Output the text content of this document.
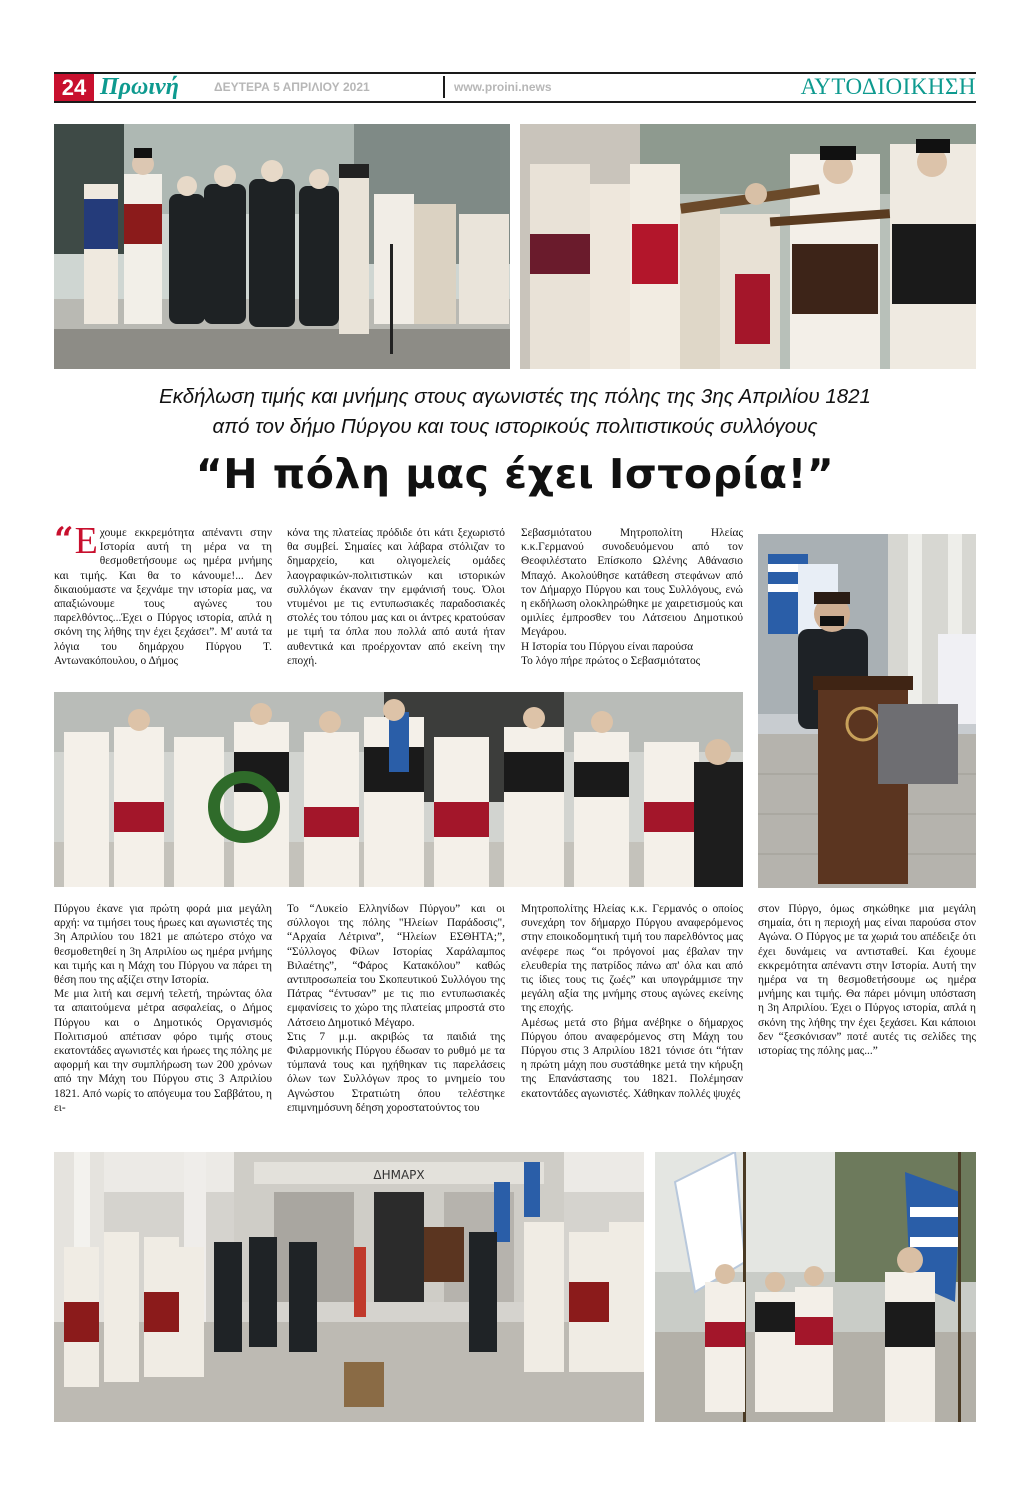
24 Πρωινή	ΔΕΥΤΕΡΑ 5 ΑΠΡΙΛΙΟΥ 2021	www.proini.news	ΑΥΤΟΔΙΟΙΚΗΣΗ
Εκδήλωση τιμής και μνήμης στους αγωνιστές της πόλης της 3ης Απριλίου 1821
από τον δήμο Πύργου και τους ιστορικούς πολιτιστικούς συλλόγους
“Η πόλη μας έχει Ιστορία!”

“ Ε χουμε εκκρεμότητα απέναντι στην Ιστορία αυτή τη μέρα να τη θεσμοθετήσουμε ως ημέρα μνήμης και τιμής. Και θα το κάνουμε!... Δεν δικαιούμαστε να ξεχνάμε την ιστορία μας, να απαξιώνουμε τους αγώνες του παρελθόντος...Έχει ο Πύργος ιστορία, απλά η σκόνη της λήθης την έχει ξεχάσει”. Μ' αυτά τα λόγια του δημάρχου Πύργου Τ. Αντωνακόπουλου, ο Δήμος

κόνα της πλατείας πρόδιδε ότι κάτι ξεχωριστό θα συμβεί. Σημαίες και λάβαρα στόλιζαν το δημαρχείο, και ολιγομελείς ομάδες λαογραφικών-πολιτιστικών και ιστορικών συλλόγων έκαναν την εμφάνισή τους. Όλοι ντυμένοι με τις εντυπωσιακές παραδοσιακές στολές του τόπου μας και οι άντρες κρατούσαν με τιμή τα όπλα που πολλά από αυτά ήταν αυθεντικά και προέρχονταν από εκείνη την εποχή.

Σεβασμιότατου Μητροπολίτη Ηλείας κ.κ.Γερμανού συνοδευόμενου από τον Θεοφιλέστατο Επίσκοπο Ωλένης Αθάνασιο Μπαχό. Ακολούθησε κατάθεση στεφάνων από τον Δήμαρχο Πύργου και τους Συλλόγους, ενώ η εκδήλωση ολοκληρώθηκε με χαιρετισμούς και ομιλίες έμπροσθεν του Λάτσειου Δημοτικού Μεγάρου.

Η Ιστορία του Πύργου είναι παρούσα

Το λόγο πήρε πρώτος ο Σεβασμιότατος

Πύργου έκανε για πρώτη φορά μια μεγάλη αρχή: να τιμήσει τους ήρωες και αγωνιστές της 3η Απριλίου του 1821 με απώτερο στόχο να θεσμοθετηθεί η 3η Απριλίου ως ημέρα μνήμης και τιμής και η Μάχη του Πύργου να πάρει τη θέση που της αξίζει στην Ιστορία.

Με μια λιτή και σεμνή τελετή, τηρώντας όλα τα απαιτούμενα μέτρα ασφαλείας, ο Δήμος Πύργου και ο Δημοτικός Οργανισμός Πολιτισμού απέτισαν φόρο τιμής στους εκατοντάδες αγωνιστές και ήρωες της πόλης με αφορμή και την συμπλήρωση των 200 χρόνων από την Μάχη του Πύργου στις 3 Απριλίου 1821. Από νωρίς το απόγευμα του Σαββάτου, η ει-

Το “Λυκείο Ελληνίδων Πύργου” και οι σύλλογοι της πόλης "Ηλείων Παράδοσις", “Αρχαία Λέτρινα”, “Ηλείων ΕΣΘΗΤΑ;”, “Σύλλογος Φίλων Ιστορίας Χαράλαμπος Βιλαέτης”, “Φάρος Κατακόλου” καθώς αντιπροσωπεία του Σκοπευτικού Συλλόγου της Πάτρας “έντυσαν” με τις πιο εντυπωσιακές εμφανίσεις το χώρο της πλατείας μπροστά στο Λάτσειο Δημοτικό Μέγαρο.

Στις 7 μ.μ. ακριβώς τα παιδιά της Φιλαρμονικής Πύργου έδωσαν το ρυθμό με τα τύμπανά τους και ηχήθηκαν τις παρελάσεις όλων των Συλλόγων προς το μνημείο του Αγνώστου Στρατιώτη όπου τελέστηκε επιμνημόσυνη δέηση χοροστατούντος του

Μητροπολίτης Ηλείας κ.κ. Γερμανός ο οποίος συνεχάρη τον δήμαρχο Πύργου αναφερόμενος στην εποικοδομητική τιμή του παρελθόντος μας ανέφερε πως “οι πρόγονοί μας έβαλαν την ελευθερία της πατρίδος πάνω απ' όλα και από τις ίδιες τους τις ζωές” και υπογράμμισε την μεγάλη αξία της μνήμης στους αγώνες εκείνης της εποχής.

Αμέσως μετά στο βήμα ανέβηκε ο δήμαρχος Πύργου όπου αναφερόμενος στη Μάχη του Πύργου στις 3 Απριλίου 1821 τόνισε ότι “ήταν η πρώτη μάχη που συστάθηκε μετά την κήρυξη της Επανάστασης του 1821. Πολέμησαν εκατοντάδες αγωνιστές. Χάθηκαν πολλές ψυχές

στον Πύργο, όμως σηκώθηκε μια μεγάλη σημαία, ότι η περιοχή μας είναι παρούσα στον Αγώνα. Ο Πύργος με τα χωριά του απέδειξε ότι έχει δυνάμεις να αντισταθεί. Και έχουμε εκκρεμότητα απέναντι στην Ιστορία. Αυτή την ημέρα να τη θεσμοθετήσουμε ως ημέρα μνήμης και τιμής. Θα πάρει μόνιμη υπόσταση η 3η Απριλίου. Έχει ο Πύργος ιστορία, απλά η σκόνη της λήθης την έχει ξεχάσει. Και κάποιοι δεν “ξεσκόνισαν” ποτέ αυτές τις σελίδες της ιστορίας της πόλης μας...”

ΔΗΜΑΡΧ
